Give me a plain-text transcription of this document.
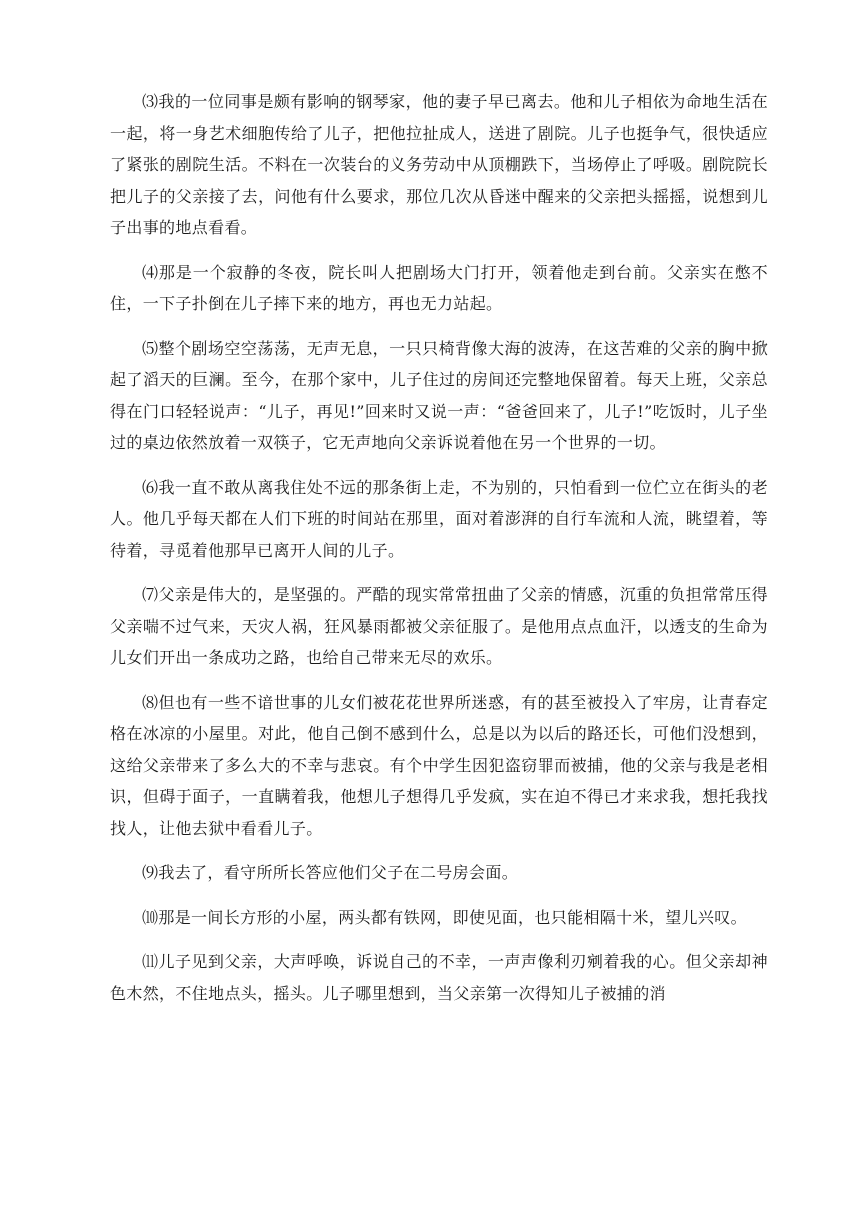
⑶我的一位同事是颇有影响的钢琴家，他的妻子早已离去。他和儿子相依为命地生活在一起，将一身艺术细胞传给了儿子，把他拉扯成人，送进了剧院。儿子也挺争气，很快适应了紧张的剧院生活。不料在一次装台的义务劳动中从顶棚跌下，当场停止了呼吸。剧院院长把儿子的父亲接了去，问他有什么要求，那位几次从昏迷中醒来的父亲把头摇摇，说想到儿子出事的地点看看。

⑷那是一个寂静的冬夜，院长叫人把剧场大门打开，领着他走到台前。父亲实在憋不住，一下子扑倒在儿子摔下来的地方，再也无力站起。

⑸整个剧场空空荡荡，无声无息，一只只椅背像大海的波涛，在这苦难的父亲的胸中掀起了滔天的巨澜。至今，在那个家中，儿子住过的房间还完整地保留着。每天上班，父亲总得在门口轻轻说声：“儿子，再见!”回来时又说一声：“爸爸回来了，儿子!”吃饭时，儿子坐过的桌边依然放着一双筷子，它无声地向父亲诉说着他在另一个世界的一切。

⑹我一直不敢从离我住处不远的那条街上走，不为别的，只怕看到一位伫立在街头的老人。他几乎每天都在人们下班的时间站在那里，面对着澎湃的自行车流和人流，眺望着，等待着，寻觅着他那早已离开人间的儿子。

⑺父亲是伟大的，是坚强的。严酷的现实常常扭曲了父亲的情感，沉重的负担常常压得父亲喘不过气来，天灾人祸，狂风暴雨都被父亲征服了。是他用点点血汗，以透支的生命为儿女们开出一条成功之路，也给自己带来无尽的欢乐。

⑻但也有一些不谙世事的儿女们被花花世界所迷惑，有的甚至被投入了牢房，让青春定格在冰凉的小屋里。对此，他自己倒不感到什么，总是以为以后的路还长，可他们没想到，这给父亲带来了多么大的不幸与悲哀。有个中学生因犯盗窃罪而被捕，他的父亲与我是老相识，但碍于面子，一直瞒着我，他想儿子想得几乎发疯，实在迫不得已才来求我，想托我找找人，让他去狱中看看儿子。

⑼我去了，看守所所长答应他们父子在二号房会面。

⑽那是一间长方形的小屋，两头都有铁网，即使见面，也只能相隔十米，望儿兴叹。

⑾儿子见到父亲，大声呼唤，诉说自己的不幸，一声声像利刃剜着我的心。但父亲却神色木然，不住地点头，摇头。儿子哪里想到，当父亲第一次得知儿子被捕的消
